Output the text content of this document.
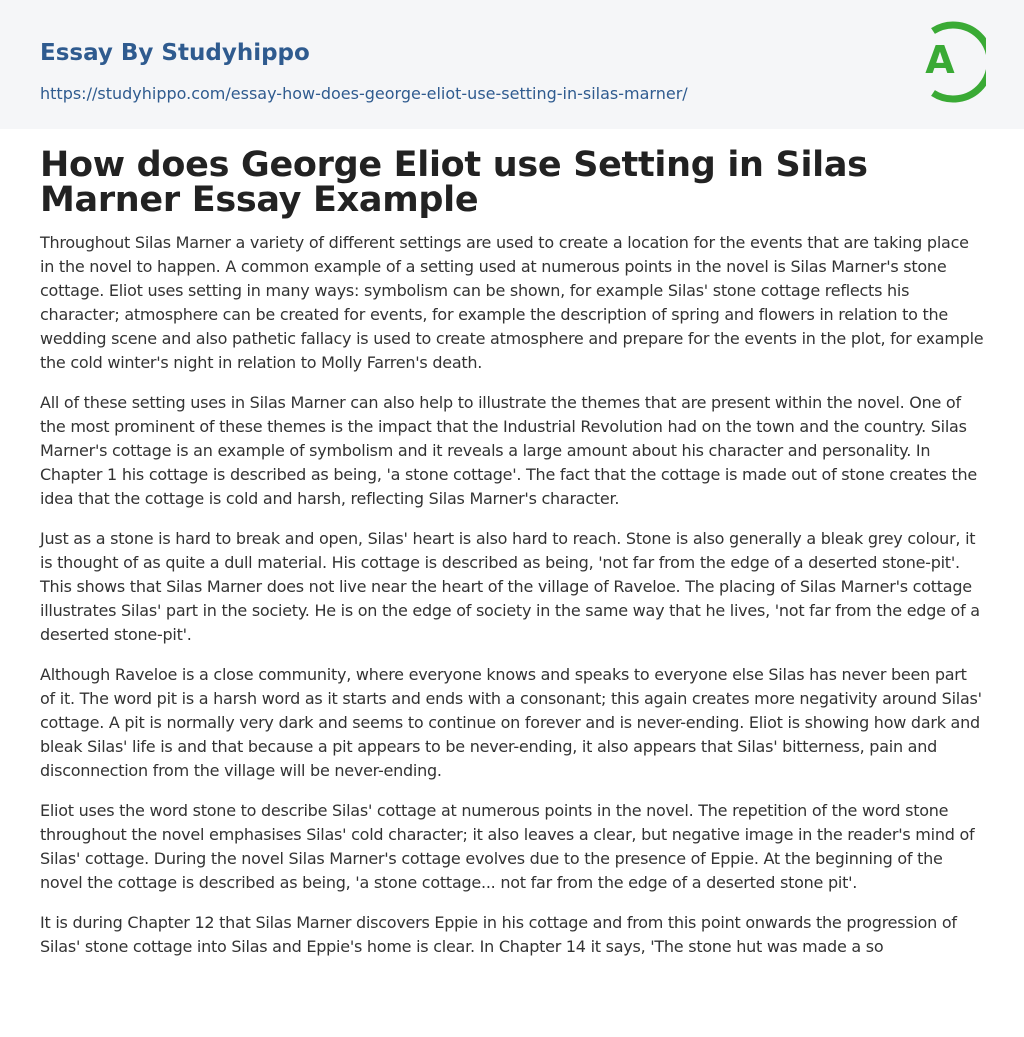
Essay By Studyhippo
https://studyhippo.com/essay-how-does-george-eliot-use-setting-in-silas-marner/
A
How does George Eliot use Setting in Silas Marner Essay Example

Throughout Silas Marner a variety of different settings are used to create a location for the events that are taking place in the novel to happen. A common example of a setting used at numerous points in the novel is Silas Marner's stone cottage. Eliot uses setting in many ways: symbolism can be shown, for example Silas' stone cottage reflects his character; atmosphere can be created for events, for example the description of spring and flowers in relation to the wedding scene and also pathetic fallacy is used to create atmosphere and prepare for the events in the plot, for example the cold winter's night in relation to Molly Farren's death.

All of these setting uses in Silas Marner can also help to illustrate the themes that are present within the novel. One of the most prominent of these themes is the impact that the Industrial Revolution had on the town and the country. Silas Marner's cottage is an example of symbolism and it reveals a large amount about his character and personality. In Chapter 1 his cottage is described as being, 'a stone cottage'. The fact that the cottage is made out of stone creates the idea that the cottage is cold and harsh, reflecting Silas Marner's character.

Just as a stone is hard to break and open, Silas' heart is also hard to reach. Stone is also generally a bleak grey colour, it is thought of as quite a dull material. His cottage is described as being, 'not far from the edge of a deserted stone-pit'. This shows that Silas Marner does not live near the heart of the village of Raveloe. The placing of Silas Marner's cottage illustrates Silas' part in the society. He is on the edge of society in the same way that he lives, 'not far from the edge of a deserted stone-pit'.

Although Raveloe is a close community, where everyone knows and speaks to everyone else Silas has never been part of it. The word pit is a harsh word as it starts and ends with a consonant; this again creates more negativity around Silas' cottage. A pit is normally very dark and seems to continue on forever and is never-ending. Eliot is showing how dark and bleak Silas' life is and that because a pit appears to be never-ending, it also appears that Silas' bitterness, pain and disconnection from the village will be never-ending.

Eliot uses the word stone to describe Silas' cottage at numerous points in the novel. The repetition of the word stone throughout the novel emphasises Silas' cold character; it also leaves a clear, but negative image in the reader's mind of Silas' cottage. During the novel Silas Marner's cottage evolves due to the presence of Eppie. At the beginning of the novel the cottage is described as being, 'a stone cottage... not far from the edge of a deserted stone pit'.

It is during Chapter 12 that Silas Marner discovers Eppie in his cottage and from this point onwards the progression of Silas' stone cottage into Silas and Eppie's home is clear. In Chapter 14 it says, 'The stone hut was made a so
